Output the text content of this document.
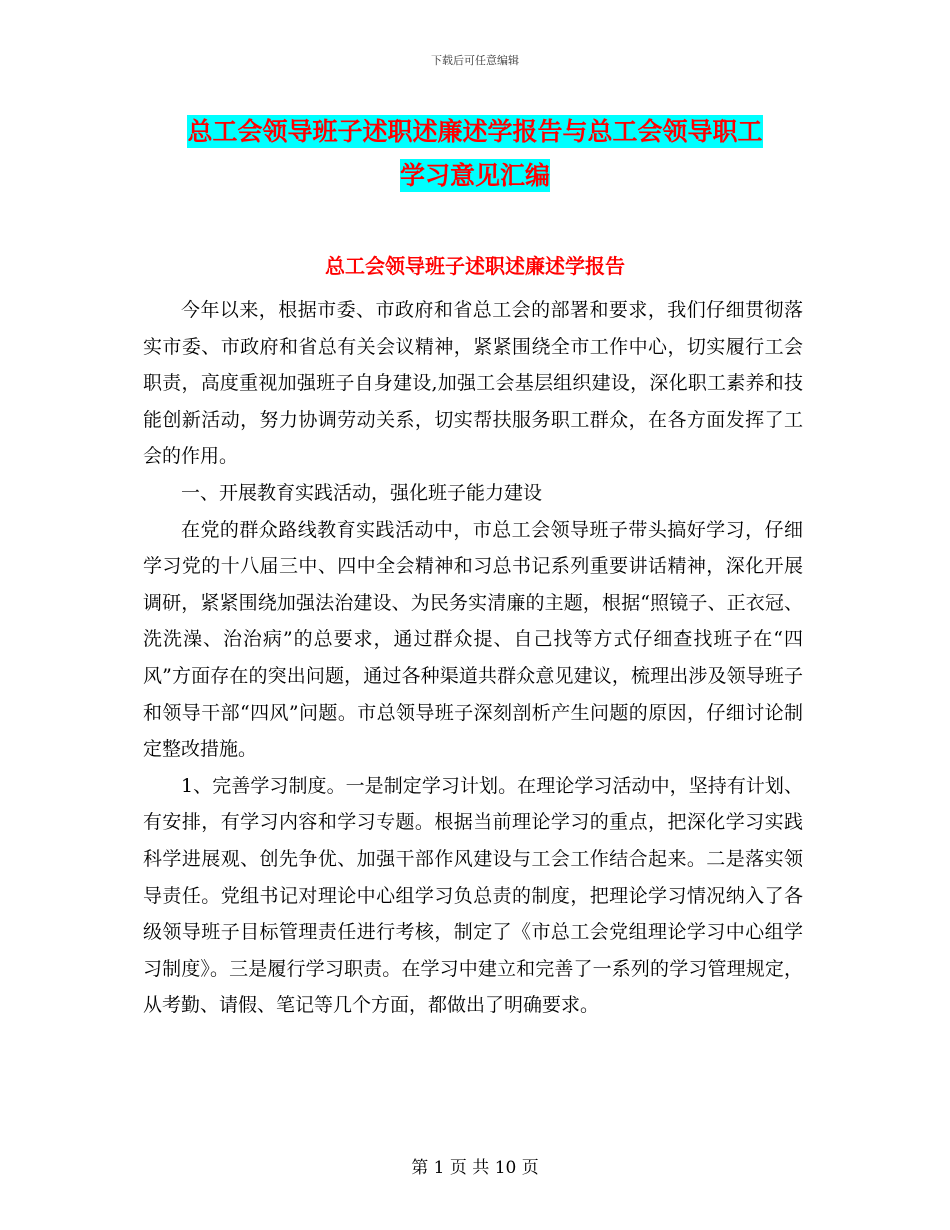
下载后可任意编辑
总工会领导班子述职述廉述学报告与总工会领导职工
学习意见汇编
总工会领导班子述职述廉述学报告

今年以来，根据市委、市政府和省总工会的部署和要求，我们仔细贯彻落实市委、市政府和省总有关会议精神，紧紧围绕全市工作中心，切实履行工会职责，高度重视加强班子自身建设,加强工会基层组织建设，深化职工素养和技能创新活动，努力协调劳动关系，切实帮扶服务职工群众，在各方面发挥了工会的作用。

一、开展教育实践活动，强化班子能力建设

在党的群众路线教育实践活动中，市总工会领导班子带头搞好学习，仔细学习党的十八届三中、四中全会精神和习总书记系列重要讲话精神，深化开展调研，紧紧围绕加强法治建设、为民务实清廉的主题，根据“照镜子、正衣冠、洗洗澡、治治病”的总要求，通过群众提、自己找等方式仔细查找班子在“四风”方面存在的突出问题，通过各种渠道共群众意见建议，梳理出涉及领导班子和领导干部“四风”问题。市总领导班子深刻剖析产生问题的原因，仔细讨论制定整改措施。

1、完善学习制度。一是制定学习计划。在理论学习活动中，坚持有计划、有安排，有学习内容和学习专题。根据当前理论学习的重点，把深化学习实践科学进展观、创先争优、加强干部作风建设与工会工作结合起来。二是落实领导责任。党组书记对理论中心组学习负总责的制度，把理论学习情况纳入了各级领导班子目标管理责任进行考核，制定了《市总工会党组理论学习中心组学习制度》。三是履行学习职责。在学习中建立和完善了一系列的学习管理规定，从考勤、请假、笔记等几个方面，都做出了明确要求。

第 1 页 共 10 页
